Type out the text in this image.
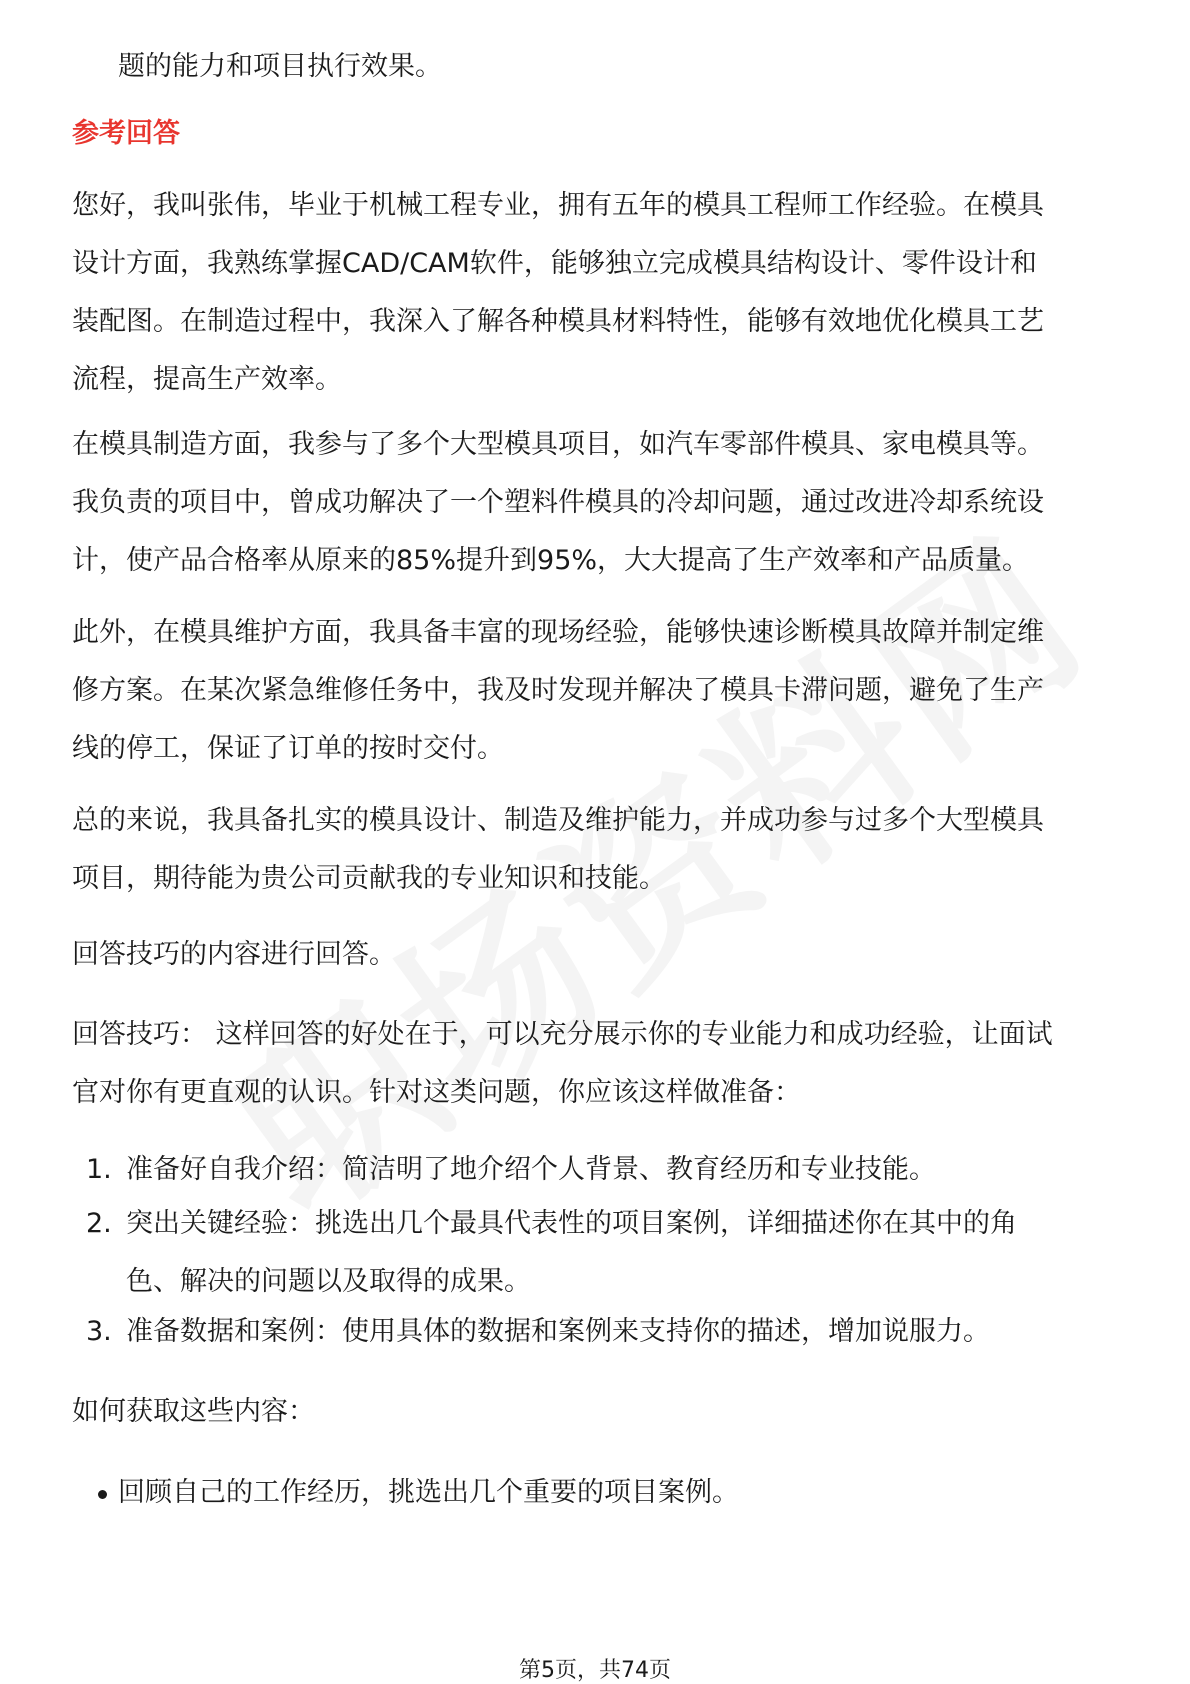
题的能力和项目执行效果。

参考回答

您好，我叫张伟，毕业于机械工程专业，拥有五年的模具工程师工作经验。在模具

设计方面，我熟练掌握CAD/CAM软件，能够独立完成模具结构设计、零件设计和

装配图。在制造过程中，我深入了解各种模具材料特性，能够有效地优化模具工艺

流程，提高生产效率。

在模具制造方面，我参与了多个大型模具项目，如汽车零部件模具、家电模具等。

我负责的项目中，曾成功解决了一个塑料件模具的冷却问题，通过改进冷却系统设

计，使产品合格率从原来的85%提升到95%，大大提高了生产效率和产品质量。

此外，在模具维护方面，我具备丰富的现场经验，能够快速诊断模具故障并制定维

修方案。在某次紧急维修任务中，我及时发现并解决了模具卡滞问题，避免了生产

线的停工，保证了订单的按时交付。

总的来说，我具备扎实的模具设计、制造及维护能力，并成功参与过多个大型模具

项目，期待能为贵公司贡献我的专业知识和技能。

回答技巧的内容进行回答。

回答技巧： 这样回答的好处在于，可以充分展示你的专业能力和成功经验，让面试

官对你有更直观的认识。针对这类问题，你应该这样做准备：

1. 准备好自我介绍：简洁明了地介绍个人背景、教育经历和专业技能。

2. 突出关键经验：挑选出几个最具代表性的项目案例，详细描述你在其中的角

色、解决的问题以及取得的成果。

3. 准备数据和案例：使用具体的数据和案例来支持你的描述，增加说服力。

如何获取这些内容：

回顾自己的工作经历，挑选出几个重要的项目案例。

第5页，共74页
